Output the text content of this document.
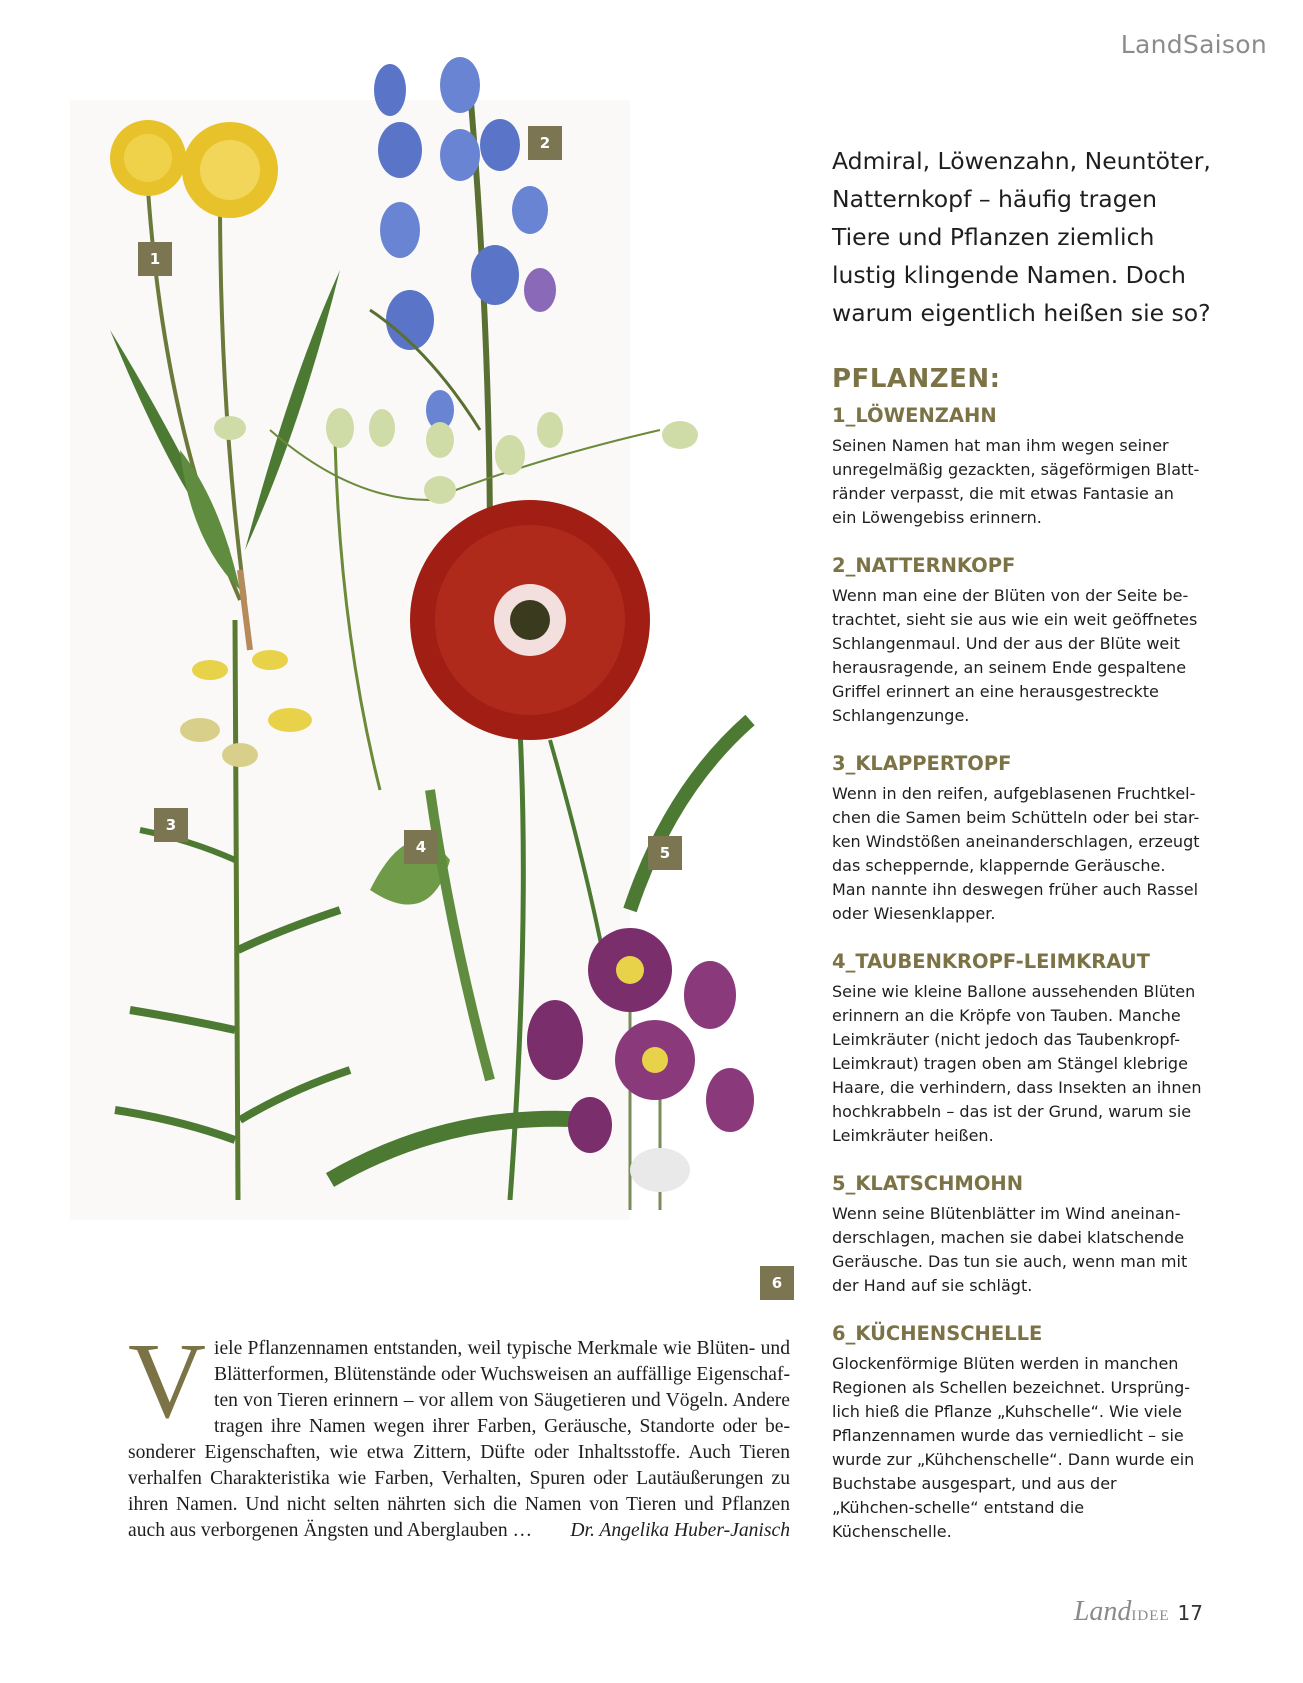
LandSaison
1
2
3
4	5
6

Admiral, Löwenzahn, Neuntöter, Natternkopf – häufig tragen Tiere und Pflanzen ziemlich lustig klingende Namen. Doch warum eigentlich heißen sie so?

PFLANZEN:
1_LÖWENZAHN

Seinen Namen hat man ihm wegen seiner unregelmäßig gezackten, sägeförmigen Blatt-ränder verpasst, die mit etwas Fantasie an ein Löwengebiss erinnern.

2_NATTERNKOPF

Wenn man eine der Blüten von der Seite be-trachtet, sieht sie aus wie ein weit geöffnetes Schlangenmaul. Und der aus der Blüte weit herausragende, an seinem Ende gespaltene Griffel erinnert an eine herausgestreckte Schlangenzunge.

3_KLAPPERTOPF

Wenn in den reifen, aufgeblasenen Fruchtkel-chen die Samen beim Schütteln oder bei star-ken Windstößen aneinanderschlagen, erzeugt das scheppernde, klappernde Geräusche. Man nannte ihn deswegen früher auch Rassel oder Wiesenklapper.

4_TAUBENKROPF-LEIMKRAUT

Seine wie kleine Ballone aussehenden Blüten erinnern an die Kröpfe von Tauben. Manche Leimkräuter (nicht jedoch das Taubenkropf-Leimkraut) tragen oben am Stängel klebrige Haare, die verhindern, dass Insekten an ihnen hochkrabbeln – das ist der Grund, warum sie Leimkräuter heißen.

5_KLATSCHMOHN

Wenn seine Blütenblätter im Wind aneinan-derschlagen, machen sie dabei klatschende Geräusche. Das tun sie auch, wenn man mit der Hand auf sie schlägt.

6_KÜCHENSCHELLE

Glockenförmige Blüten werden in manchen Regionen als Schellen bezeichnet. Ursprüng-lich hieß die Pflanze „Kuhschelle“. Wie viele Pflanzennamen wurde das verniedlicht – sie wurde zur „Kühchenschelle“. Dann wurde ein Buchstabe ausgespart, und aus der „Kühchen-schelle“ entstand die Küchenschelle.

V iele Pflanzennamen entstanden, weil typische Merkmale wie Blüten- und Blätterformen, Blütenstände oder Wuchsweisen an auffällige Eigenschaf-ten von Tieren erinnern – vor allem von Säugetieren und Vögeln. Andere tragen ihre Namen wegen ihrer Farben, Geräusche, Standorte oder be-sonderer Eigenschaften, wie etwa Zittern, Düfte oder Inhaltsstoffe. Auch Tieren verhalfen Charakteristika wie Farben, Verhalten, Spuren oder Lautäußerungen zu ihren Namen. Und nicht selten nährten sich die Namen von Tieren und Pflanzen auch aus verborgenen Ängsten und Aberglauben … Dr. Angelika Huber-Janisch
LandIDEE 17
